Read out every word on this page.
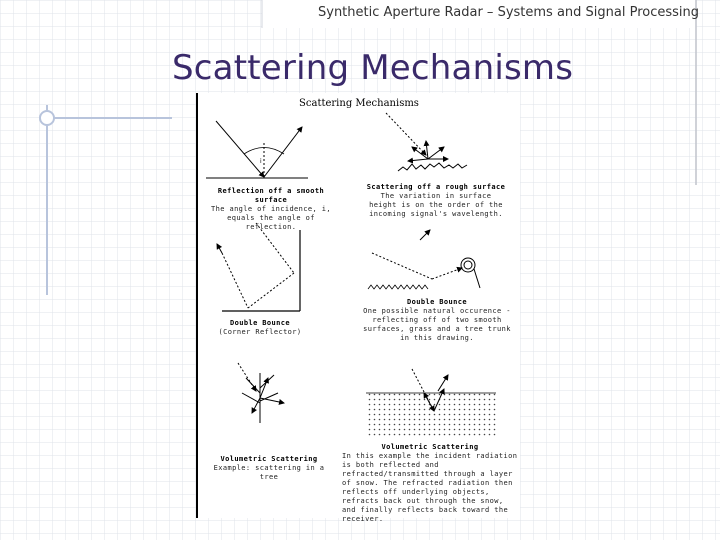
Synthetic Aperture Radar – Systems and Signal Processing
Scattering Mechanisms
i
Scattering Mechanisms
Reflection off a smooth surface
The angle of incidence, i, equals the angle of reflection.
Scattering off a rough surface
The variation in surface height is on the order of the incoming signal's wavelength.
Double Bounce
(Corner Reflector)
Double Bounce
One possible natural occurence - reflecting off of two smooth surfaces, grass and a tree trunk in this drawing.
Volumetric Scattering
Example: scattering in a tree
Volumetric Scattering
In this example the incident radiation is both reflected and refracted/transmitted through a layer of snow. The refracted radiation then reflects off underlying objects, refracts back out through the snow, and finally reflects back toward the receiver.
